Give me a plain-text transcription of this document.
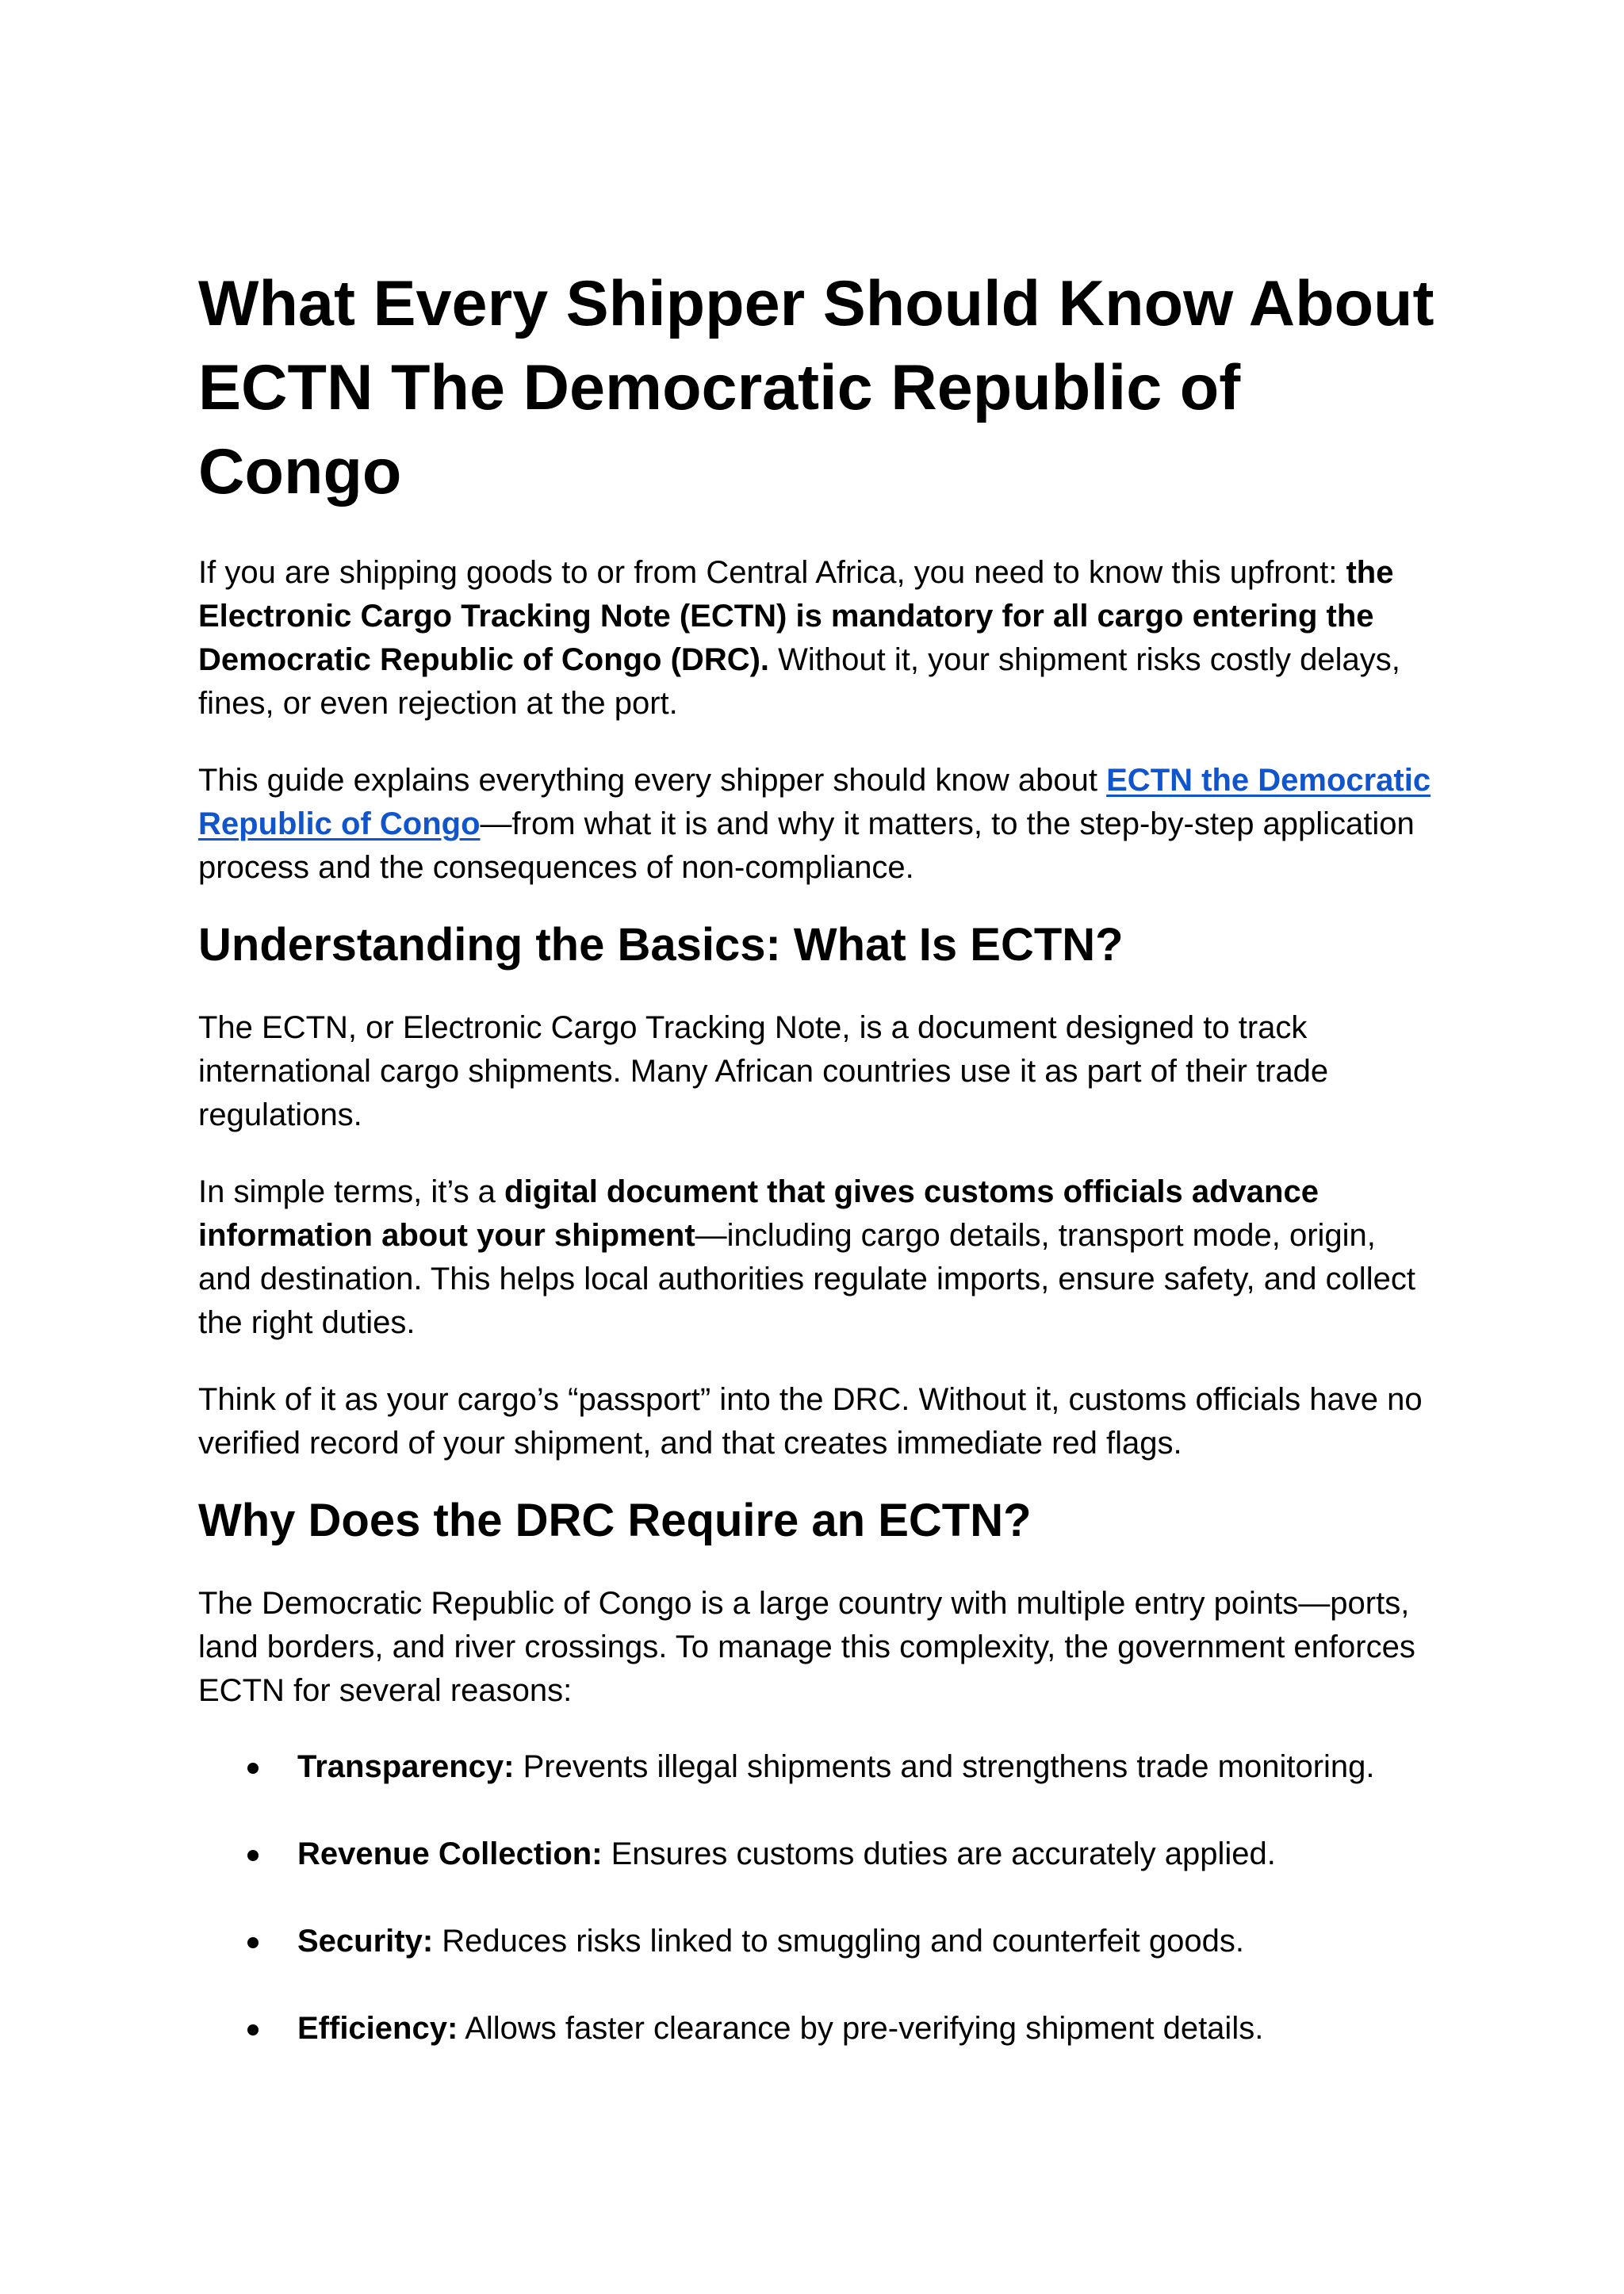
What Every Shipper Should Know About ECTN The Democratic Republic of Congo

If you are shipping goods to or from Central Africa, you need to know this upfront: the Electronic Cargo Tracking Note (ECTN) is mandatory for all cargo entering the Democratic Republic of Congo (DRC). Without it, your shipment risks costly delays, fines, or even rejection at the port.

This guide explains everything every shipper should know about ECTN the Democratic Republic of Congo—from what it is and why it matters, to the step-by-step application process and the consequences of non-compliance.

Understanding the Basics: What Is ECTN?

The ECTN, or Electronic Cargo Tracking Note, is a document designed to track international cargo shipments. Many African countries use it as part of their trade regulations.

In simple terms, it’s a digital document that gives customs officials advance information about your shipment—including cargo details, transport mode, origin, and destination. This helps local authorities regulate imports, ensure safety, and collect the right duties.

Think of it as your cargo’s “passport” into the DRC. Without it, customs officials have no verified record of your shipment, and that creates immediate red flags.

Why Does the DRC Require an ECTN?

The Democratic Republic of Congo is a large country with multiple entry points—ports, land borders, and river crossings. To manage this complexity, the government enforces ECTN for several reasons:

Transparency: Prevents illegal shipments and strengthens trade monitoring.
Revenue Collection: Ensures customs duties are accurately applied.
Security: Reduces risks linked to smuggling and counterfeit goods.
Efficiency: Allows faster clearance by pre-verifying shipment details.
